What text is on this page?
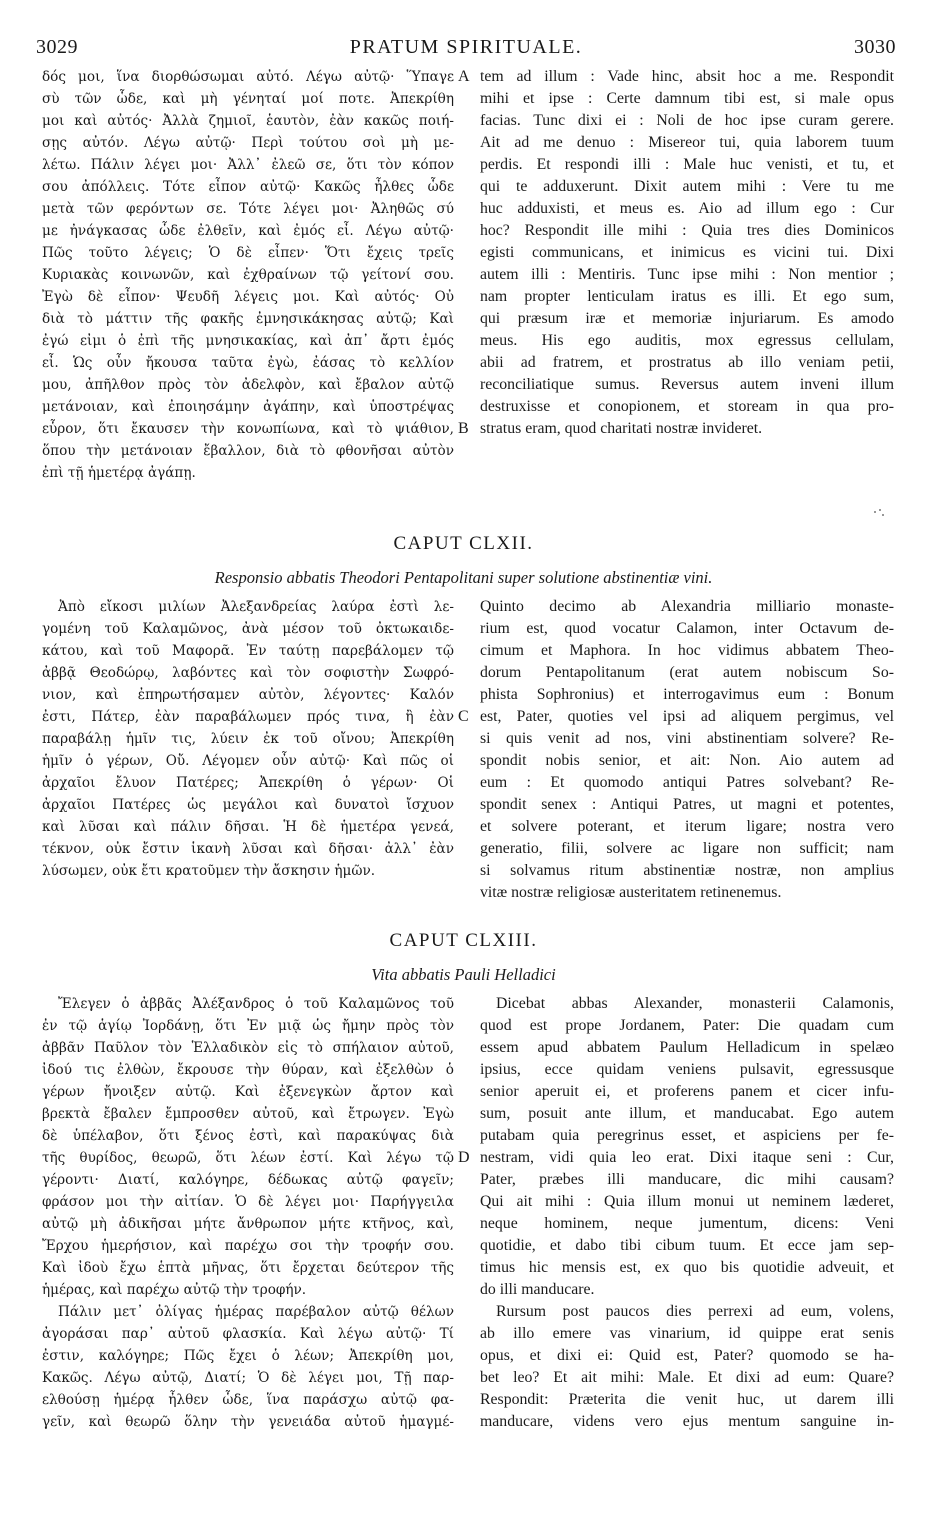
3029	PRATUM SPIRITUALE.	3030

δός μοι, ἵνα διορθώσωμαι αὐτό. Λέγω αὐτῷ· Ὕπαγε

σὺ τῶν ὧδε, καὶ μὴ γένηταί μοί ποτε. Ἀπεκρίθη

μοι καὶ αὐτός· Ἀλλὰ ζημιοῖ, ἑαυτὸν, ἐὰν κακῶς ποιή-

σῃς αὐτόν. Λέγω αὐτῷ· Περὶ τούτου σοὶ μὴ με-

λέτω. Πάλιν λέγει μοι· Ἀλλ᾽ ἐλεῶ σε, ὅτι τὸν κόπον

σου ἀπόλλεις. Τότε εἶπον αὐτῷ· Κακῶς ἦλθες ὧδε

μετὰ τῶν φερόντων σε. Τότε λέγει μοι· Ἀληθῶς σύ

με ἠνάγκασας ὧδε ἐλθεῖν, καὶ ἐμός εἶ. Λέγω αὐτῷ·

Πῶς τοῦτο λέγεις; Ὁ δὲ εἶπεν· Ὅτι ἔχεις τρεῖς

Κυριακὰς κοινωνῶν, καὶ ἐχθραίνων τῷ γείτονί σου.

Ἐγὼ δὲ εἶπον· Ψευδῆ λέγεις μοι. Καὶ αὐτός· Οὐ

διὰ τὸ μάττιν τῆς φακῆς ἐμνησικάκησας αὐτῷ; Καὶ

ἐγώ εἰμι ὁ ἐπὶ τῆς μνησικακίας, καὶ ἀπ᾽ ἄρτι ἐμός

εἶ. Ὡς οὖν ἤκουσα ταῦτα ἐγὼ, ἐάσας τὸ κελλίον

μου, ἀπῆλθον πρὸς τὸν ἀδελφὸν, καὶ ἔβαλον αὐτῷ

μετάνοιαν, καὶ ἐποιησάμην ἀγάπην, καὶ ὑποστρέψας

εὗρον, ὅτι ἔκαυσεν τὴν κονωπίωνα, καὶ τὸ ψιάθιον,

ὅπου τὴν μετάνοιαν ἔβαλλον, διὰ τὸ φθονῆσαι αὐτὸν

ἐπὶ τῇ ἡμετέρᾳ ἀγάπῃ.

tem ad illum : Vade hinc, absit hoc a me. Respondit

mihi et ipse : Certe damnum tibi est, si male opus

facias. Tunc dixi ei : Noli de hoc ipse curam gerere.

Ait ad me denuo : Misereor tui, quia laborem tuum

perdis. Et respondi illi : Male huc venisti, et tu, et

qui te adduxerunt. Dixit autem mihi : Vere tu me

huc adduxisti, et meus es. Aio ad illum ego : Cur

hoc? Respondit ille mihi : Quia tres dies Dominicos

egisti communicans, et inimicus es vicini tui. Dixi

autem illi : Mentiris. Tunc ipse mihi : Non mentior ;

nam propter lenticulam iratus es illi. Et ego sum,

qui præsum iræ et memoriæ injuriarum. Es amodo

meus. His ego auditis, mox egressus cellulam,

abii ad fratrem, et prostratus ab illo veniam petii,

reconciliatique sumus. Reversus autem inveni illum

destruxisse et conopionem, et stoream in qua pro-

stratus eram, quod charitati nostræ invideret.

A
B
CAPUT CLXII.
Responsio abbatis Theodori Pentapolitani super solutione abstinentiæ vini.

Ἀπὸ εἴκοσι μιλίων Ἀλεξανδρείας λαύρα ἐστὶ λε-

γομένη τοῦ Καλαμῶνος, ἀνὰ μέσον τοῦ ὀκτωκαιδε-

κάτου, καὶ τοῦ Μαφορᾶ. Ἐν ταύτῃ παρεβάλομεν τῷ

ἀββᾷ Θεοδώρῳ, λαβόντες καὶ τὸν σοφιστὴν Σωφρό-

νιον, καὶ ἐπηρωτήσαμεν αὐτὸν, λέγοντες· Καλόν

ἐστι, Πάτερ, ἐὰν παραβάλωμεν πρός τινα, ἢ ἐὰν

παραβάλῃ ἡμῖν τις, λύειν ἐκ τοῦ οἴνου; Ἀπεκρίθη

ἡμῖν ὁ γέρων, Οὔ. Λέγομεν οὖν αὐτῷ· Καὶ πῶς οἱ

ἀρχαῖοι ἔλυον Πατέρες; Ἀπεκρίθη ὁ γέρων· Οἱ

ἀρχαῖοι Πατέρες ὡς μεγάλοι καὶ δυνατοὶ ἴσχυον

καὶ λῦσαι καὶ πάλιν δῆσαι. Ἡ δὲ ἡμετέρα γενεά,

τέκνον, οὐκ ἔστιν ἱκανὴ λῦσαι καὶ δῆσαι· ἀλλ᾽ ἐὰν

λύσωμεν, οὐκ ἔτι κρατοῦμεν τὴν ἄσκησιν ἡμῶν.

Quinto decimo ab Alexandria milliario monaste-

rium est, quod vocatur Calamon, inter Octavum de-

cimum et Maphora. In hoc vidimus abbatem Theo-

dorum Pentapolitanum (erat autem nobiscum So-

phista Sophronius) et interrogavimus eum : Bonum

est, Pater, quoties vel ipsi ad aliquem pergimus, vel

si quis venit ad nos, vini abstinentiam solvere? Re-

spondit nobis senior, et ait: Non. Aio autem ad

eum : Et quomodo antiqui Patres solvebant? Re-

spondit senex : Antiqui Patres, ut magni et potentes,

et solvere poterant, et iterum ligare; nostra vero

generatio, filii, solvere ac ligare non sufficit; nam

si solvamus ritum abstinentiæ nostræ, non amplius

vitæ nostræ religiosæ austeritatem retinenemus.

C
CAPUT CLXIII.
Vita abbatis Pauli Helladici

Ἔλεγεν ὁ ἀββᾶς Ἀλέξανδρος ὁ τοῦ Καλαμῶνος τοῦ

ἐν τῷ ἁγίῳ Ἰορδάνῃ, ὅτι Ἐν μιᾷ ὡς ἤμην πρὸς τὸν

ἀββᾶν Παῦλον τὸν Ἑλλαδικὸν εἰς τὸ σπήλαιον αὐτοῦ,

ἰδού τις ἐλθὼν, ἔκρουσε τὴν θύραν, καὶ ἐξελθὼν ὁ

γέρων ἤνοιξεν αὐτῷ. Καὶ ἐξενεγκὼν ἄρτον καὶ

βρεκτὰ ἔβαλεν ἔμπροσθεν αὐτοῦ, καὶ ἔτρωγεν. Ἐγὼ

δὲ ὑπέλαβον, ὅτι ξένος ἐστὶ, καὶ παρακύψας διὰ

τῆς θυρίδος, θεωρῶ, ὅτι λέων ἐστί. Καὶ λέγω τῷ

γέροντι· Διατί, καλόγηρε, δέδωκας αὐτῷ φαγεῖν;

φράσον μοι τὴν αἰτίαν. Ὁ δὲ λέγει μοι· Παρήγγειλα

αὐτῷ μὴ ἀδικῆσαι μήτε ἄνθρωπον μήτε κτῆνος, καὶ,

Ἔρχου ἡμερήσιον, καὶ παρέχω σοι τὴν τροφήν σου.

Καὶ ἰδοὺ ἔχω ἑπτὰ μῆνας, ὅτι ἔρχεται δεύτερον τῆς

ἡμέρας, καὶ παρέχω αὐτῷ τὴν τροφήν.

Πάλιν μετ᾽ ὀλίγας ἡμέρας παρέβαλον αὐτῷ θέλων

ἀγοράσαι παρ᾽ αὐτοῦ φλασκία. Καὶ λέγω αὐτῷ· Τί

ἐστιν, καλόγηρε; Πῶς ἔχει ὁ λέων; Ἀπεκρίθη μοι,

Κακῶς. Λέγω αὐτῷ, Διατί; Ὁ δὲ λέγει μοι, Τῇ παρ-

ελθούσῃ ἡμέρᾳ ἦλθεν ὧδε, ἵνα παράσχω αὐτῷ φα-

γεῖν, καὶ θεωρῶ ὅλην τὴν γενειάδα αὐτοῦ ἡμαγμέ-

Dicebat abbas Alexander, monasterii Calamonis,

quod est prope Jordanem, Pater: Die quadam cum

essem apud abbatem Paulum Helladicum in spelæo

ipsius, ecce quidam veniens pulsavit, egressusque

senior aperuit ei, et proferens panem et cicer infu-

sum, posuit ante illum, et manducabat. Ego autem

putabam quia peregrinus esset, et aspiciens per fe-

nestram, vidi quia leo erat. Dixi itaque seni : Cur,

Pater, præbes illi manducare, dic mihi causam?

Qui ait mihi : Quia illum monui ut neminem læderet,

neque hominem, neque jumentum, dicens: Veni

quotidie, et dabo tibi cibum tuum. Et ecce jam sep-

timus hic mensis est, ex quo bis quotidie adveuit, et

do illi manducare.

Rursum post paucos dies perrexi ad eum, volens,

ab illo emere vas vinarium, id quippe erat senis

opus, et dixi ei: Quid est, Pater? quomodo se ha-

bet leo? Et ait mihi: Male. Et dixi ad eum: Quare?

Respondit: Præterita die venit huc, ut darem illi

manducare, videns vero ejus mentum sanguine in-

D
